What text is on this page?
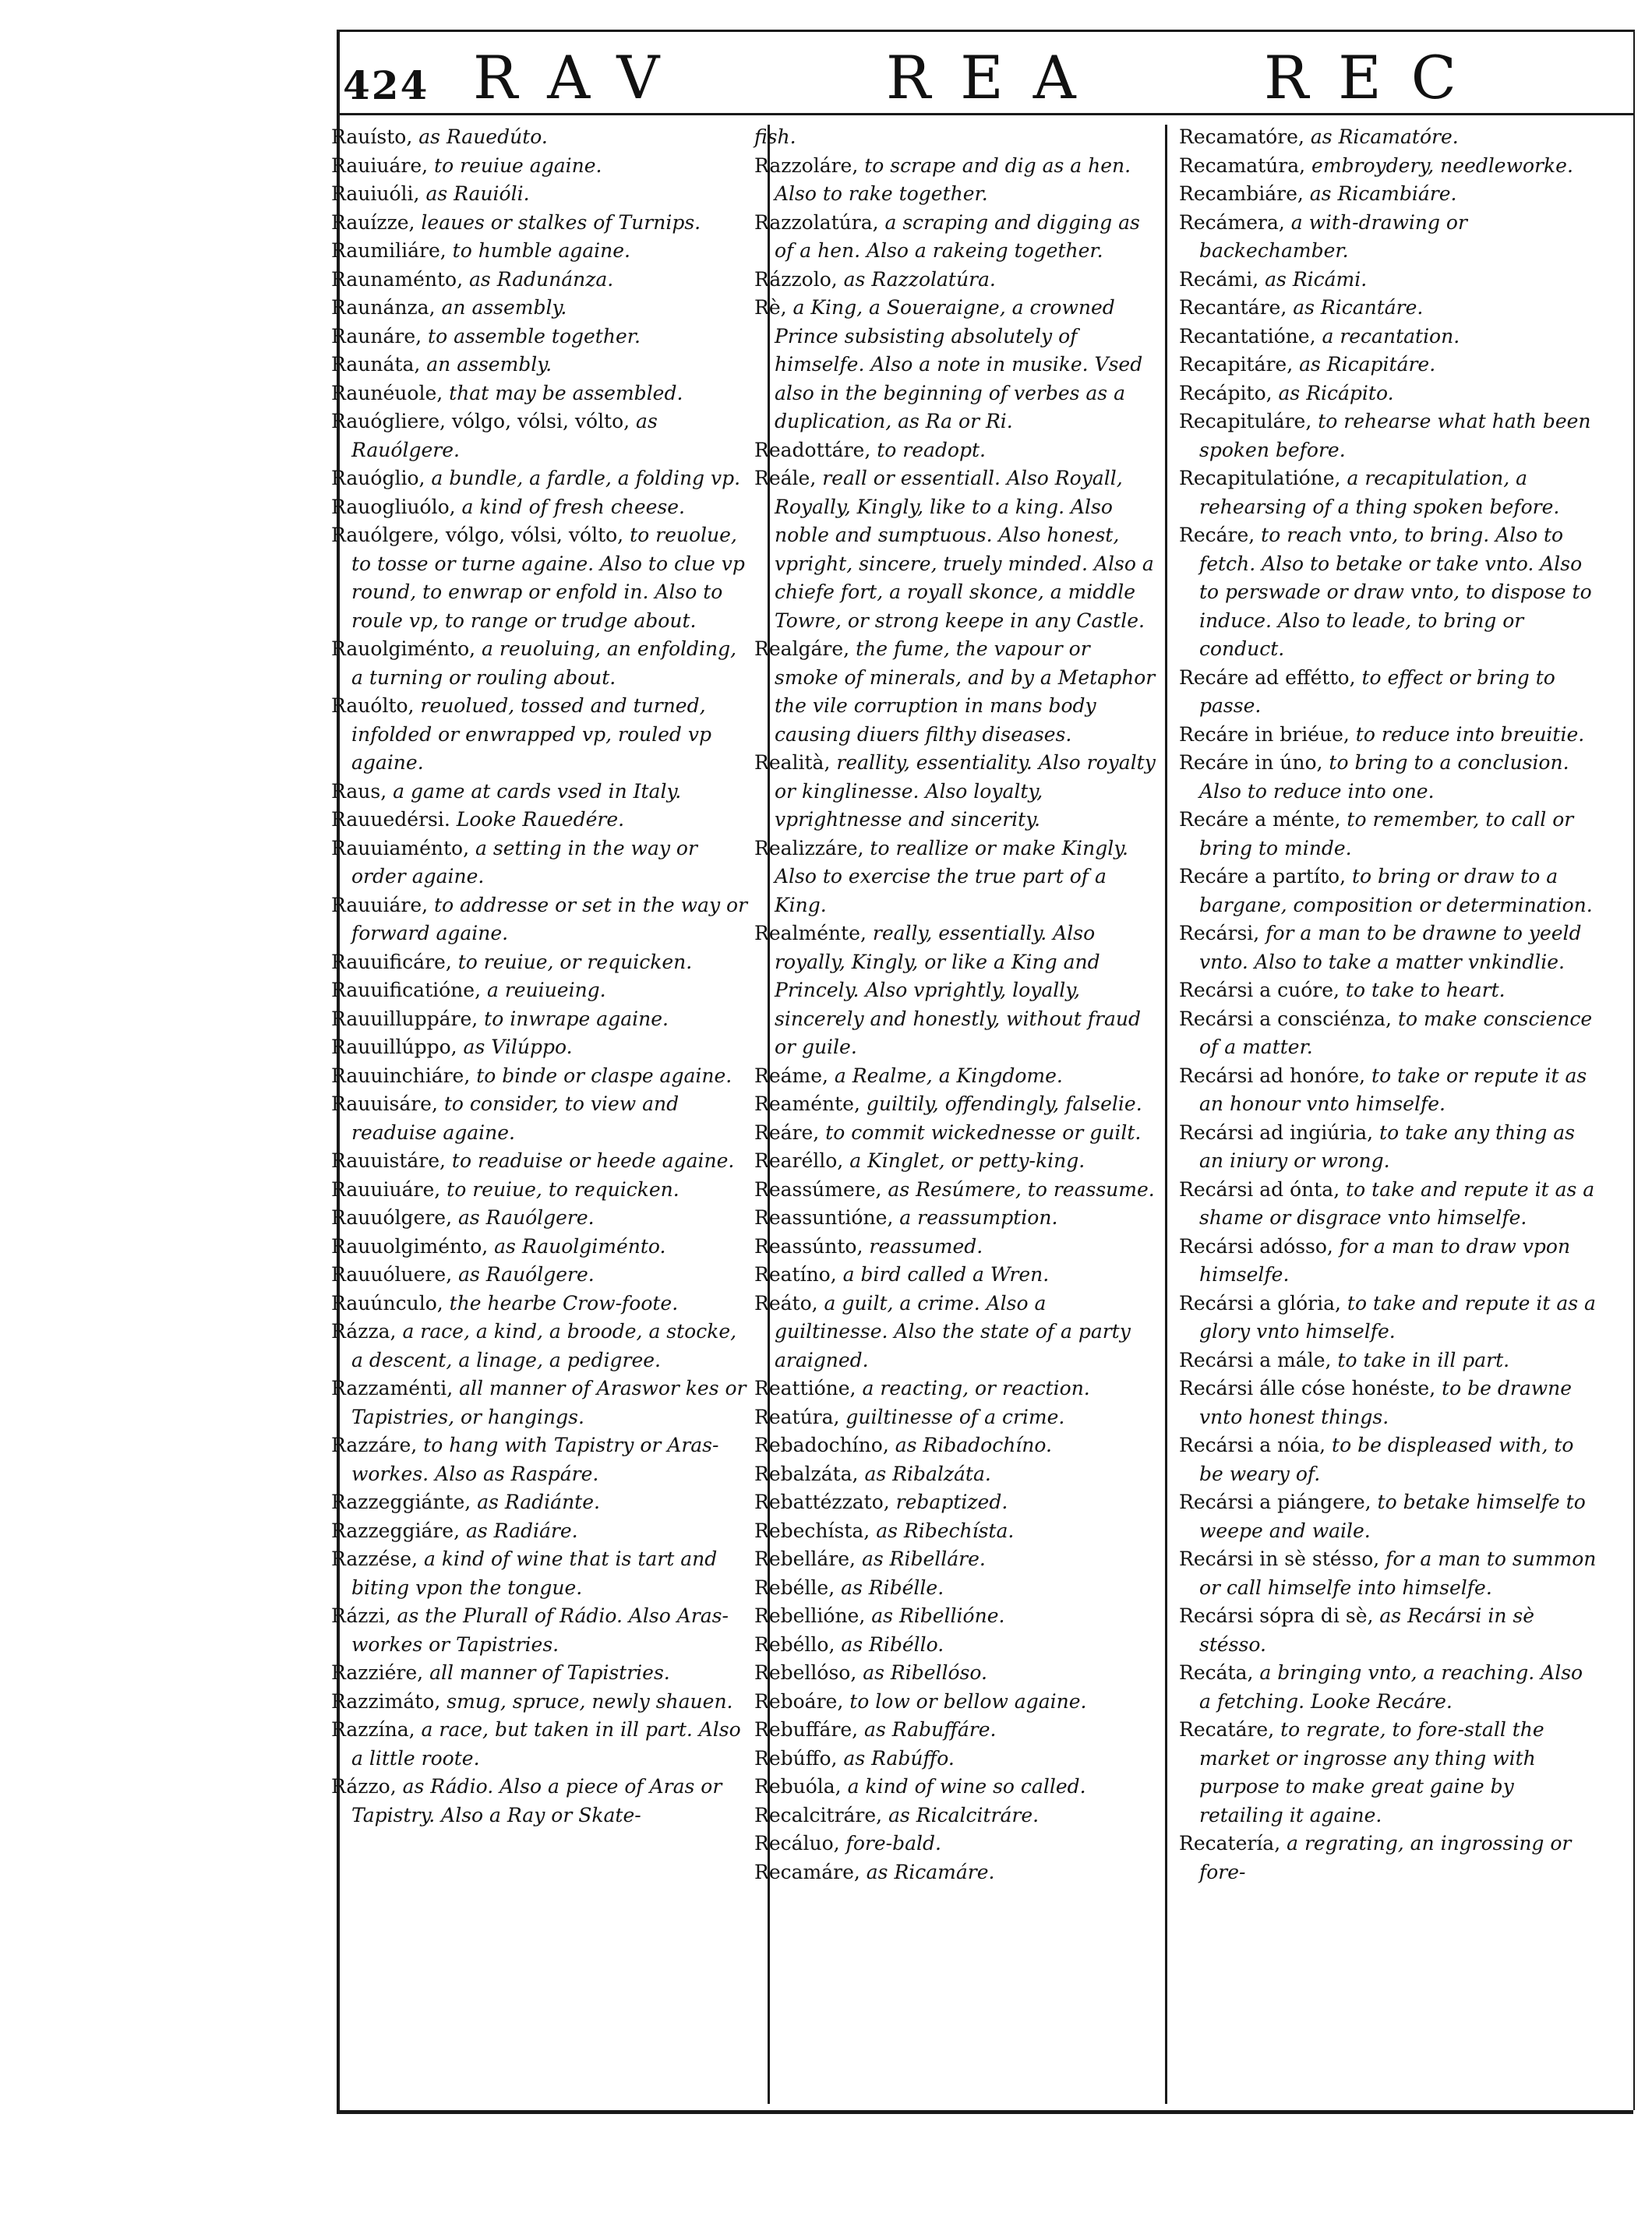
424 RAV	REA	REC

Rauísto, as Rauedúto.

Rauiuáre, to reuiue againe.

Rauiuóli, as Rauióli.

Rauízze, leaues or stalkes of Turnips.

Raumiliáre, to humble againe.

Raunaménto, as Radunánza.

Raunánza, an assembly.

Raunáre, to assemble together.

Raunáta, an assembly.

Raunéuole, that may be assembled.

Rauógliere, vólgo, vólsi, vólto, as Rauólgere.

Rauóglio, a bundle, a fardle, a folding vp.

Rauogliuólo, a kind of fresh cheese.

Rauólgere, vólgo, vólsi, vólto, to reuolue, to tosse or turne againe. Also to clue vp round, to enwrap or enfold in. Also to roule vp, to range or trudge about.

Rauolgiménto, a reuoluing, an enfolding, a turning or rouling about.

Rauólto, reuolued, tossed and turned, infolded or enwrapped vp, rouled vp againe.

Raus, a game at cards vsed in Italy.

Rauuedérsi. Looke Rauedére.

Rauuiaménto, a setting in the way or order againe.

Rauuiáre, to addresse or set in the way or forward againe.

Rauuificáre, to reuiue, or requicken.

Rauuificatióne, a reuiueing.

Rauuilluppáre, to inwrape againe.

Rauuillúppo, as Vilúppo.

Rauuinchiáre, to binde or claspe againe.

Rauuisáre, to consider, to view and readuise againe.

Rauuistáre, to readuise or heede againe.

Rauuiuáre, to reuiue, to requicken.

Rauuólgere, as Rauólgere.

Rauuolgiménto, as Rauolgiménto.

Rauuóluere, as Rauólgere.

Rauúnculo, the hearbe Crow-foote.

Rázza, a race, a kind, a broode, a stocke, a descent, a linage, a pedigree.

Razzaménti, all manner of Araswor kes or Tapistries, or hangings.

Razzáre, to hang with Tapistry or Aras-workes. Also as Raspáre.

Razzeggiánte, as Radiánte.

Razzeggiáre, as Radiáre.

Razzése, a kind of wine that is tart and biting vpon the tongue.

Rázzi, as the Plurall of Rádio. Also Aras-workes or Tapistries.

Razziére, all manner of Tapistries.

Razzimáto, smug, spruce, newly shauen.

Razzína, a race, but taken in ill part. Also a little roote.

Rázzo, as Rádio. Also a piece of Aras or Tapistry. Also a Ray or Skate-

fish.

Razzoláre, to scrape and dig as a hen. Also to rake together.

Razzolatúra, a scraping and digging as of a hen. Also a rakeing together.

Rázzolo, as Razzolatúra.

Rè, a King, a Soueraigne, a crowned Prince subsisting absolutely of himselfe. Also a note in musike. Vsed also in the beginning of verbes as a duplication, as Ra or Ri.

Readottáre, to readopt.

Reále, reall or essentiall. Also Royall, Royally, Kingly, like to a king. Also noble and sumptuous. Also honest, vpright, sincere, truely minded. Also a chiefe fort, a royall skonce, a middle Towre, or strong keepe in any Castle.

Realgáre, the fume, the vapour or smoke of minerals, and by a Metaphor the vile corruption in mans body causing diuers filthy diseases.

Realità, reallity, essentiality. Also royalty or kinglinesse. Also loyalty, vprightnesse and sincerity.

Realizzáre, to reallize or make Kingly. Also to exercise the true part of a King.

Realménte, really, essentially. Also royally, Kingly, or like a King and Princely. Also vprightly, loyally, sincerely and honestly, without fraud or guile.

Reáme, a Realme, a Kingdome.

Reaménte, guiltily, offendingly, falselie.

Reáre, to commit wickednesse or guilt.

Rearéllo, a Kinglet, or petty-king.

Reassúmere, as Resúmere, to reassume.

Reassuntióne, a reassumption.

Reassúnto, reassumed.

Reatíno, a bird called a Wren.

Reáto, a guilt, a crime. Also a guiltinesse. Also the state of a party araigned.

Reattióne, a reacting, or reaction.

Reatúra, guiltinesse of a crime.

Rebadochíno, as Ribadochíno.

Rebalzáta, as Ribalzáta.

Rebattézzato, rebaptized.

Rebechísta, as Ribechísta.

Rebelláre, as Ribelláre.

Rebélle, as Ribélle.

Rebellióne, as Ribellióne.

Rebéllo, as Ribéllo.

Rebellóso, as Ribellóso.

Reboáre, to low or bellow againe.

Rebuffáre, as Rabuffáre.

Rebúffo, as Rabúffo.

Rebuóla, a kind of wine so called.

Recalcitráre, as Ricalcitráre.

Recáluo, fore-bald.

Recamáre, as Ricamáre.

Recamatóre, as Ricamatóre.

Recamatúra, embroydery, needleworke.

Recambiáre, as Ricambiáre.

Recámera, a with-drawing or backechamber.

Recámi, as Ricámi.

Recantáre, as Ricantáre.

Recantatióne, a recantation.

Recapitáre, as Ricapitáre.

Recápito, as Ricápito.

Recapituláre, to rehearse what hath been spoken before.

Recapitulatióne, a recapitulation, a rehearsing of a thing spoken before.

Recáre, to reach vnto, to bring. Also to fetch. Also to betake or take vnto. Also to perswade or draw vnto, to dispose to induce. Also to leade, to bring or conduct.

Recáre ad effétto, to effect or bring to passe.

Recáre in briéue, to reduce into breuitie.

Recáre in úno, to bring to a conclusion. Also to reduce into one.

Recáre a ménte, to remember, to call or bring to minde.

Recáre a partíto, to bring or draw to a bargane, composition or determination.

Recársi, for a man to be drawne to yeeld vnto. Also to take a matter vnkindlie.

Recársi a cuóre, to take to heart.

Recársi a consciénza, to make conscience of a matter.

Recársi ad honóre, to take or repute it as an honour vnto himselfe.

Recársi ad ingiúria, to take any thing as an iniury or wrong.

Recársi ad ónta, to take and repute it as a shame or disgrace vnto himselfe.

Recársi adósso, for a man to draw vpon himselfe.

Recársi a glória, to take and repute it as a glory vnto himselfe.

Recársi a mále, to take in ill part.

Recársi álle cóse honéste, to be drawne vnto honest things.

Recársi a nóia, to be displeased with, to be weary of.

Recársi a piángere, to betake himselfe to weepe and waile.

Recársi in sè stésso, for a man to summon or call himselfe into himselfe.

Recársi sópra di sè, as Recársi in sè stésso.

Recáta, a bringing vnto, a reaching. Also a fetching. Looke Recáre.

Recatáre, to regrate, to fore-stall the market or ingrosse any thing with purpose to make great gaine by retailing it againe.

Recatería, a regrating, an ingrossing or fore-
